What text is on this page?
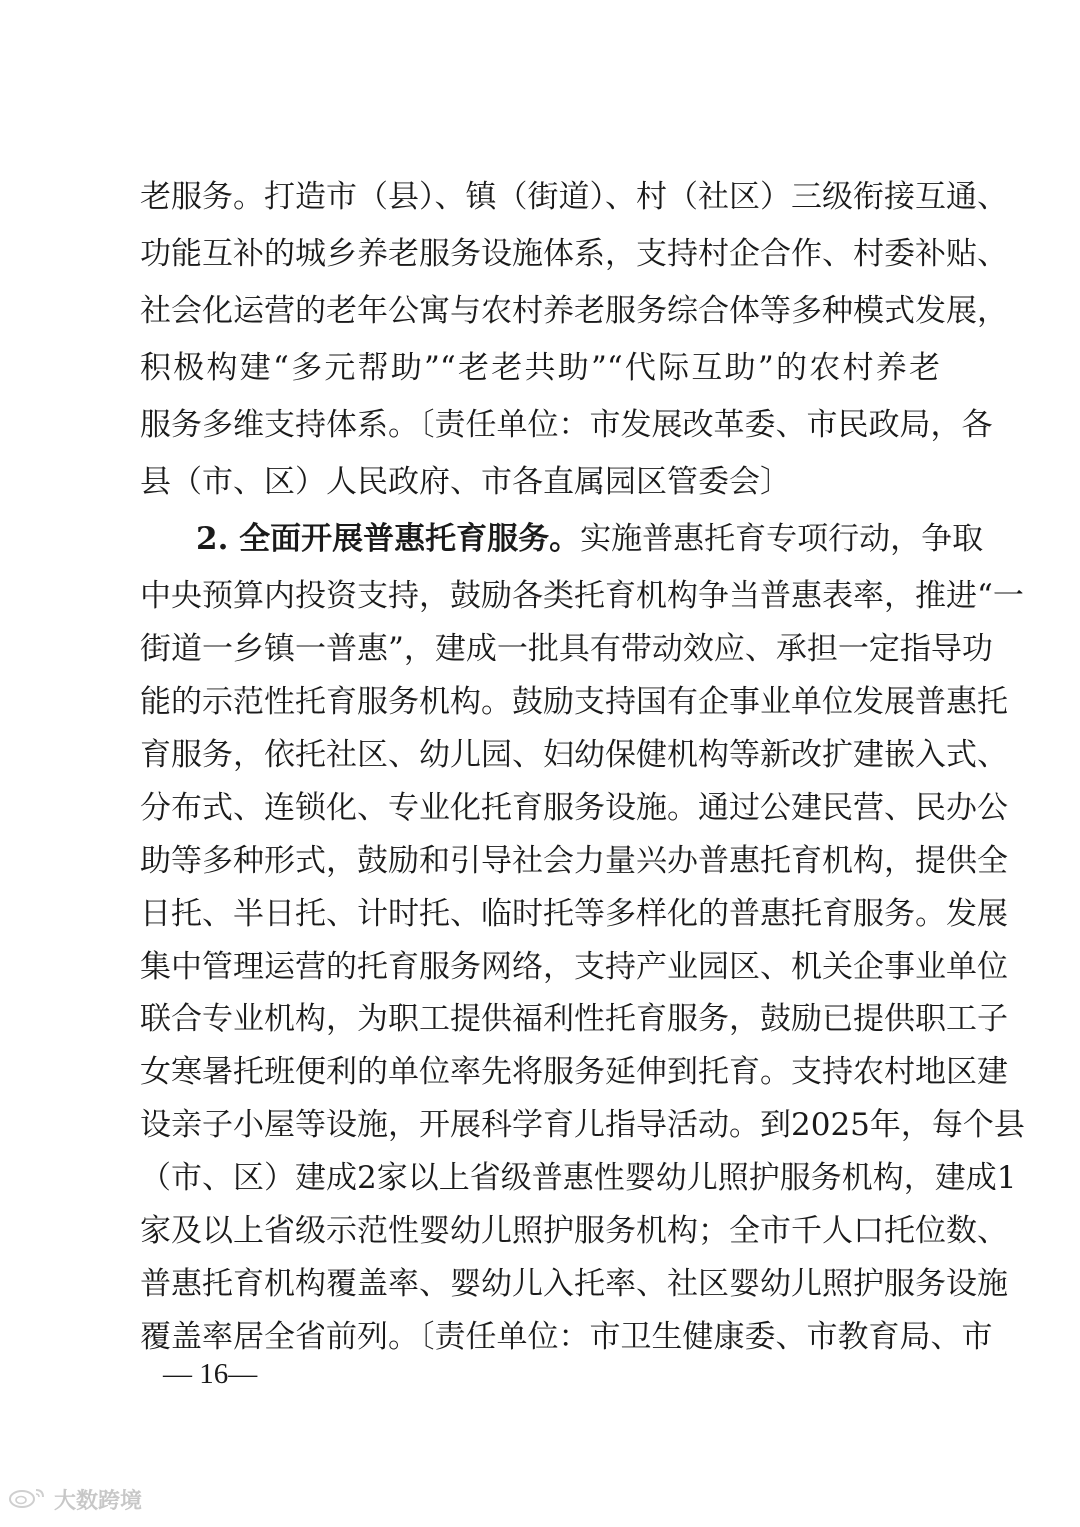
老服务。打造市（县）、镇（街道）、村（社区）三级衔接互通、
功能互补的城乡养老服务设施体系，支持村企合作、村委补贴、
社会化运营的老年公寓与农村养老服务综合体等多种模式发展，
积极构建“多元帮助”“老老共助”“代际互助”的农村养老
服务多维支持体系。〔责任单位：市发展改革委、市民政局，各
县（市、区）人民政府、市各直属园区管委会〕
2. 全面开展普惠托育服务。实施普惠托育专项行动，争取
中央预算内投资支持，鼓励各类托育机构争当普惠表率，推进“一
街道一乡镇一普惠”，建成一批具有带动效应、承担一定指导功
能的示范性托育服务机构。鼓励支持国有企事业单位发展普惠托
育服务，依托社区、幼儿园、妇幼保健机构等新改扩建嵌入式、
分布式、连锁化、专业化托育服务设施。通过公建民营、民办公
助等多种形式，鼓励和引导社会力量兴办普惠托育机构，提供全
日托、半日托、计时托、临时托等多样化的普惠托育服务。发展
集中管理运营的托育服务网络，支持产业园区、机关企事业单位
联合专业机构，为职工提供福利性托育服务，鼓励已提供职工子
女寒暑托班便利的单位率先将服务延伸到托育。支持农村地区建
设亲子小屋等设施，开展科学育儿指导活动。到2025年，每个县
（市、区）建成2家以上省级普惠性婴幼儿照护服务机构，建成1
家及以上省级示范性婴幼儿照护服务机构；全市千人口托位数、
普惠托育机构覆盖率、婴幼儿入托率、社区婴幼儿照护服务设施
— 16—
大数跨境
覆盖率居全省前列。〔责任单位：市卫生健康委、市教育局、市
